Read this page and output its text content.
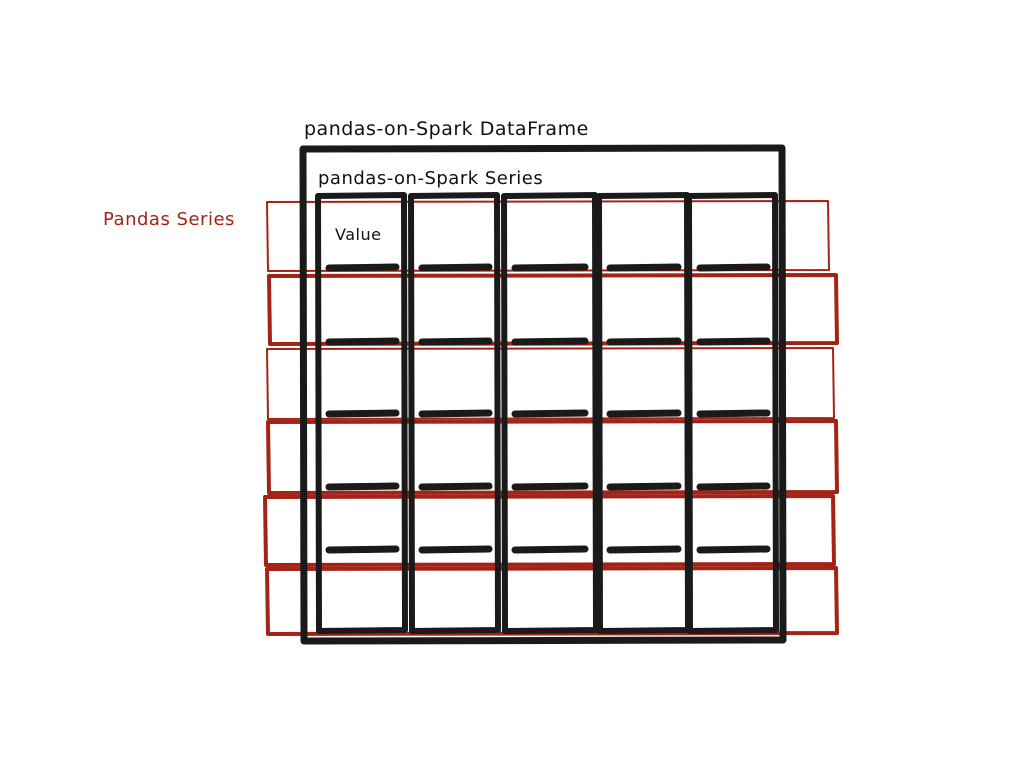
pandas-on-Spark DataFrame
pandas-on-Spark Series
Pandas Series
Value
